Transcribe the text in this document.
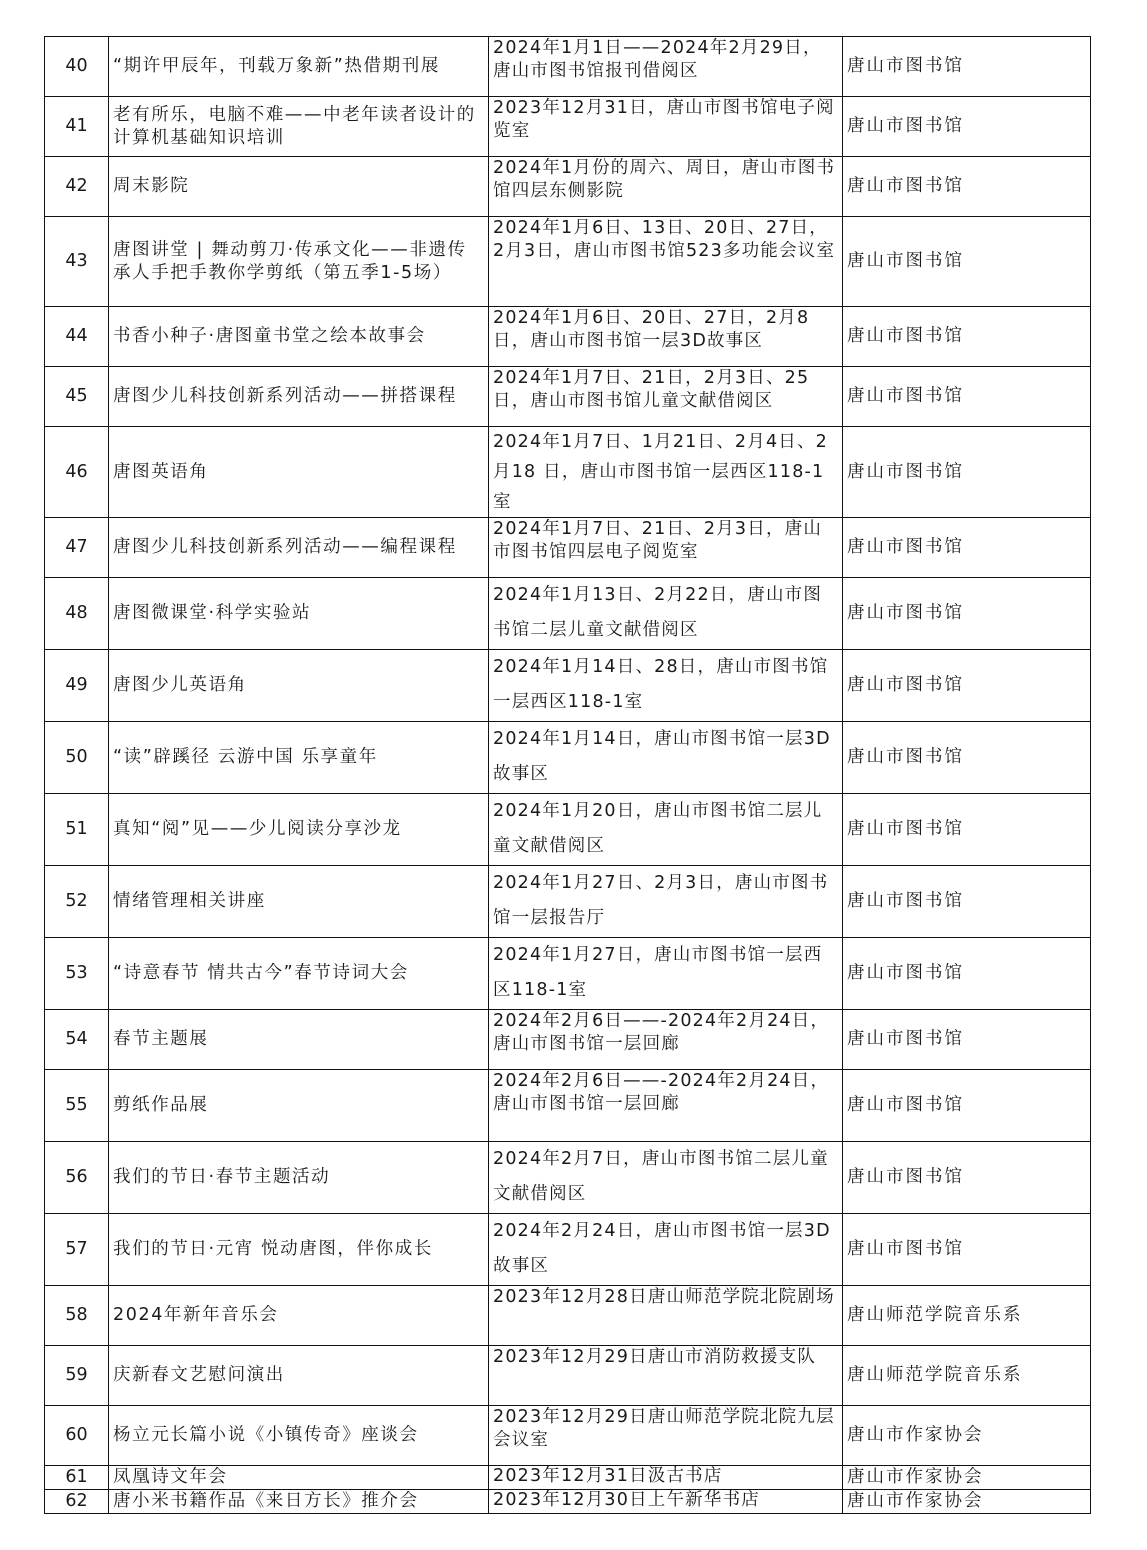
40	“期许甲辰年，刊载万象新”热借期刊展	2024年1月1日——2024年2月29日，唐山市图书馆报刊借阅区	唐山市图书馆
41	老有所乐，电脑不难——中老年读者设计的计算机基础知识培训	2023年12月31日，唐山市图书馆电子阅览室	唐山市图书馆
42	周末影院	2024年1月份的周六、周日，唐山市图书馆四层东侧影院	唐山市图书馆
43	唐图讲堂 | 舞动剪刀·传承文化——非遗传承人手把手教你学剪纸（第五季1-5场）	2024年1月6日、13日、20日、27日，2月3日，唐山市图书馆523多功能会议室	唐山市图书馆
44	书香小种子·唐图童书堂之绘本故事会	2024年1月6日、20日、27日，2月8日，唐山市图书馆一层3D故事区	唐山市图书馆
45	唐图少儿科技创新系列活动——拼搭课程	2024年1月7日、21日，2月3日、25日，唐山市图书馆儿童文献借阅区	唐山市图书馆
46	唐图英语角	2024年1月7日、1月21日、2月4日、2月18 日，唐山市图书馆一层西区118-1室	唐山市图书馆
47	唐图少儿科技创新系列活动——编程课程	2024年1月7日、21日、2月3日，唐山市图书馆四层电子阅览室	唐山市图书馆
48	唐图微课堂·科学实验站	2024年1月13日、2月22日，唐山市图书馆二层儿童文献借阅区	唐山市图书馆
49	唐图少儿英语角	2024年1月14日、28日，唐山市图书馆一层西区118-1室	唐山市图书馆
50	“读”辟蹊径 云游中国 乐享童年	2024年1月14日，唐山市图书馆一层3D故事区	唐山市图书馆
51	真知“阅”见——少儿阅读分享沙龙	2024年1月20日，唐山市图书馆二层儿童文献借阅区	唐山市图书馆
52	情绪管理相关讲座	2024年1月27日、2月3日，唐山市图书馆一层报告厅	唐山市图书馆
53	“诗意春节 情共古今”春节诗词大会	2024年1月27日，唐山市图书馆一层西区118-1室	唐山市图书馆
54	春节主题展	2024年2月6日——-2024年2月24日，唐山市图书馆一层回廊	唐山市图书馆
55	剪纸作品展	2024年2月6日——-2024年2月24日，唐山市图书馆一层回廊	唐山市图书馆
56	我们的节日·春节主题活动	2024年2月7日，唐山市图书馆二层儿童文献借阅区	唐山市图书馆
57	我们的节日·元宵 悦动唐图，伴你成长	2024年2月24日，唐山市图书馆一层3D故事区	唐山市图书馆
58	2024年新年音乐会	2023年12月28日唐山师范学院北院剧场	唐山师范学院音乐系
59	庆新春文艺慰问演出	2023年12月29日唐山市消防救援支队	唐山师范学院音乐系
60	杨立元长篇小说《小镇传奇》座谈会	2023年12月29日唐山师范学院北院九层会议室	唐山市作家协会
61	凤凰诗文年会	2023年12月31日汲古书店	唐山市作家协会
62	唐小米书籍作品《来日方长》推介会	2023年12月30日上午新华书店	唐山市作家协会
